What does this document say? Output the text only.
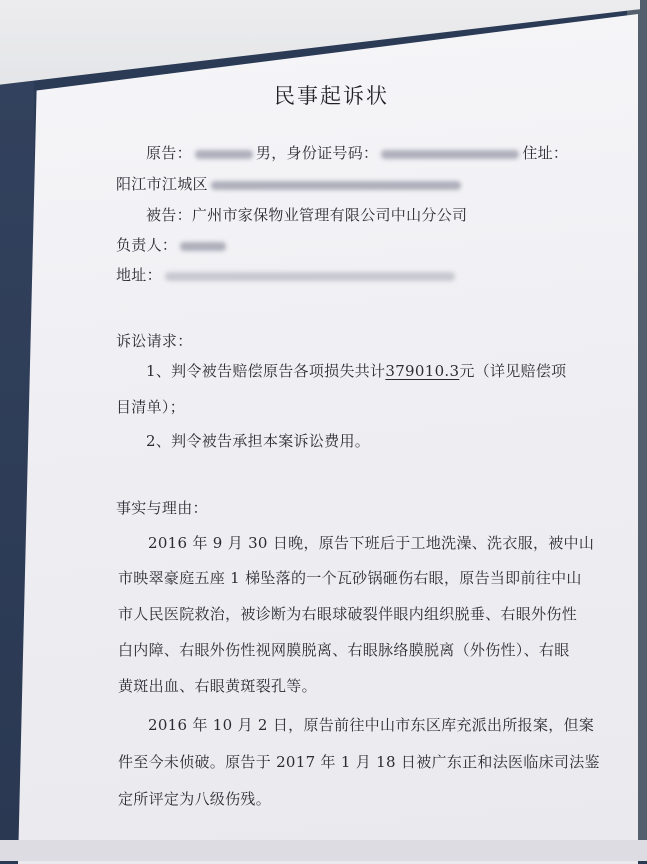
民事起诉状
原告：	男，身份证号码：	住址：
阳江市江城区
被告：广州市家保物业管理有限公司中山分公司
负责人：
地址：
诉讼请求：
1、判令被告赔偿原告各项损失共计379010.3元（详见赔偿项
目清单）；
2、判令被告承担本案诉讼费用。
事实与理由：
2016 年 9 月 30 日晚，原告下班后于工地洗澡、洗衣服，被中山
市映翠豪庭五座 1 梯坠落的一个瓦砂锅砸伤右眼，原告当即前往中山
市人民医院救治，被诊断为右眼球破裂伴眼内组织脱垂、右眼外伤性
白内障、右眼外伤性视网膜脱离、右眼脉络膜脱离（外伤性）、右眼
黄斑出血、右眼黄斑裂孔等。
2016 年 10 月 2 日，原告前往中山市东区库充派出所报案，但案
件至今未侦破。原告于 2017 年 1 月 18 日被广东正和法医临床司法鉴
定所评定为八级伤残。
